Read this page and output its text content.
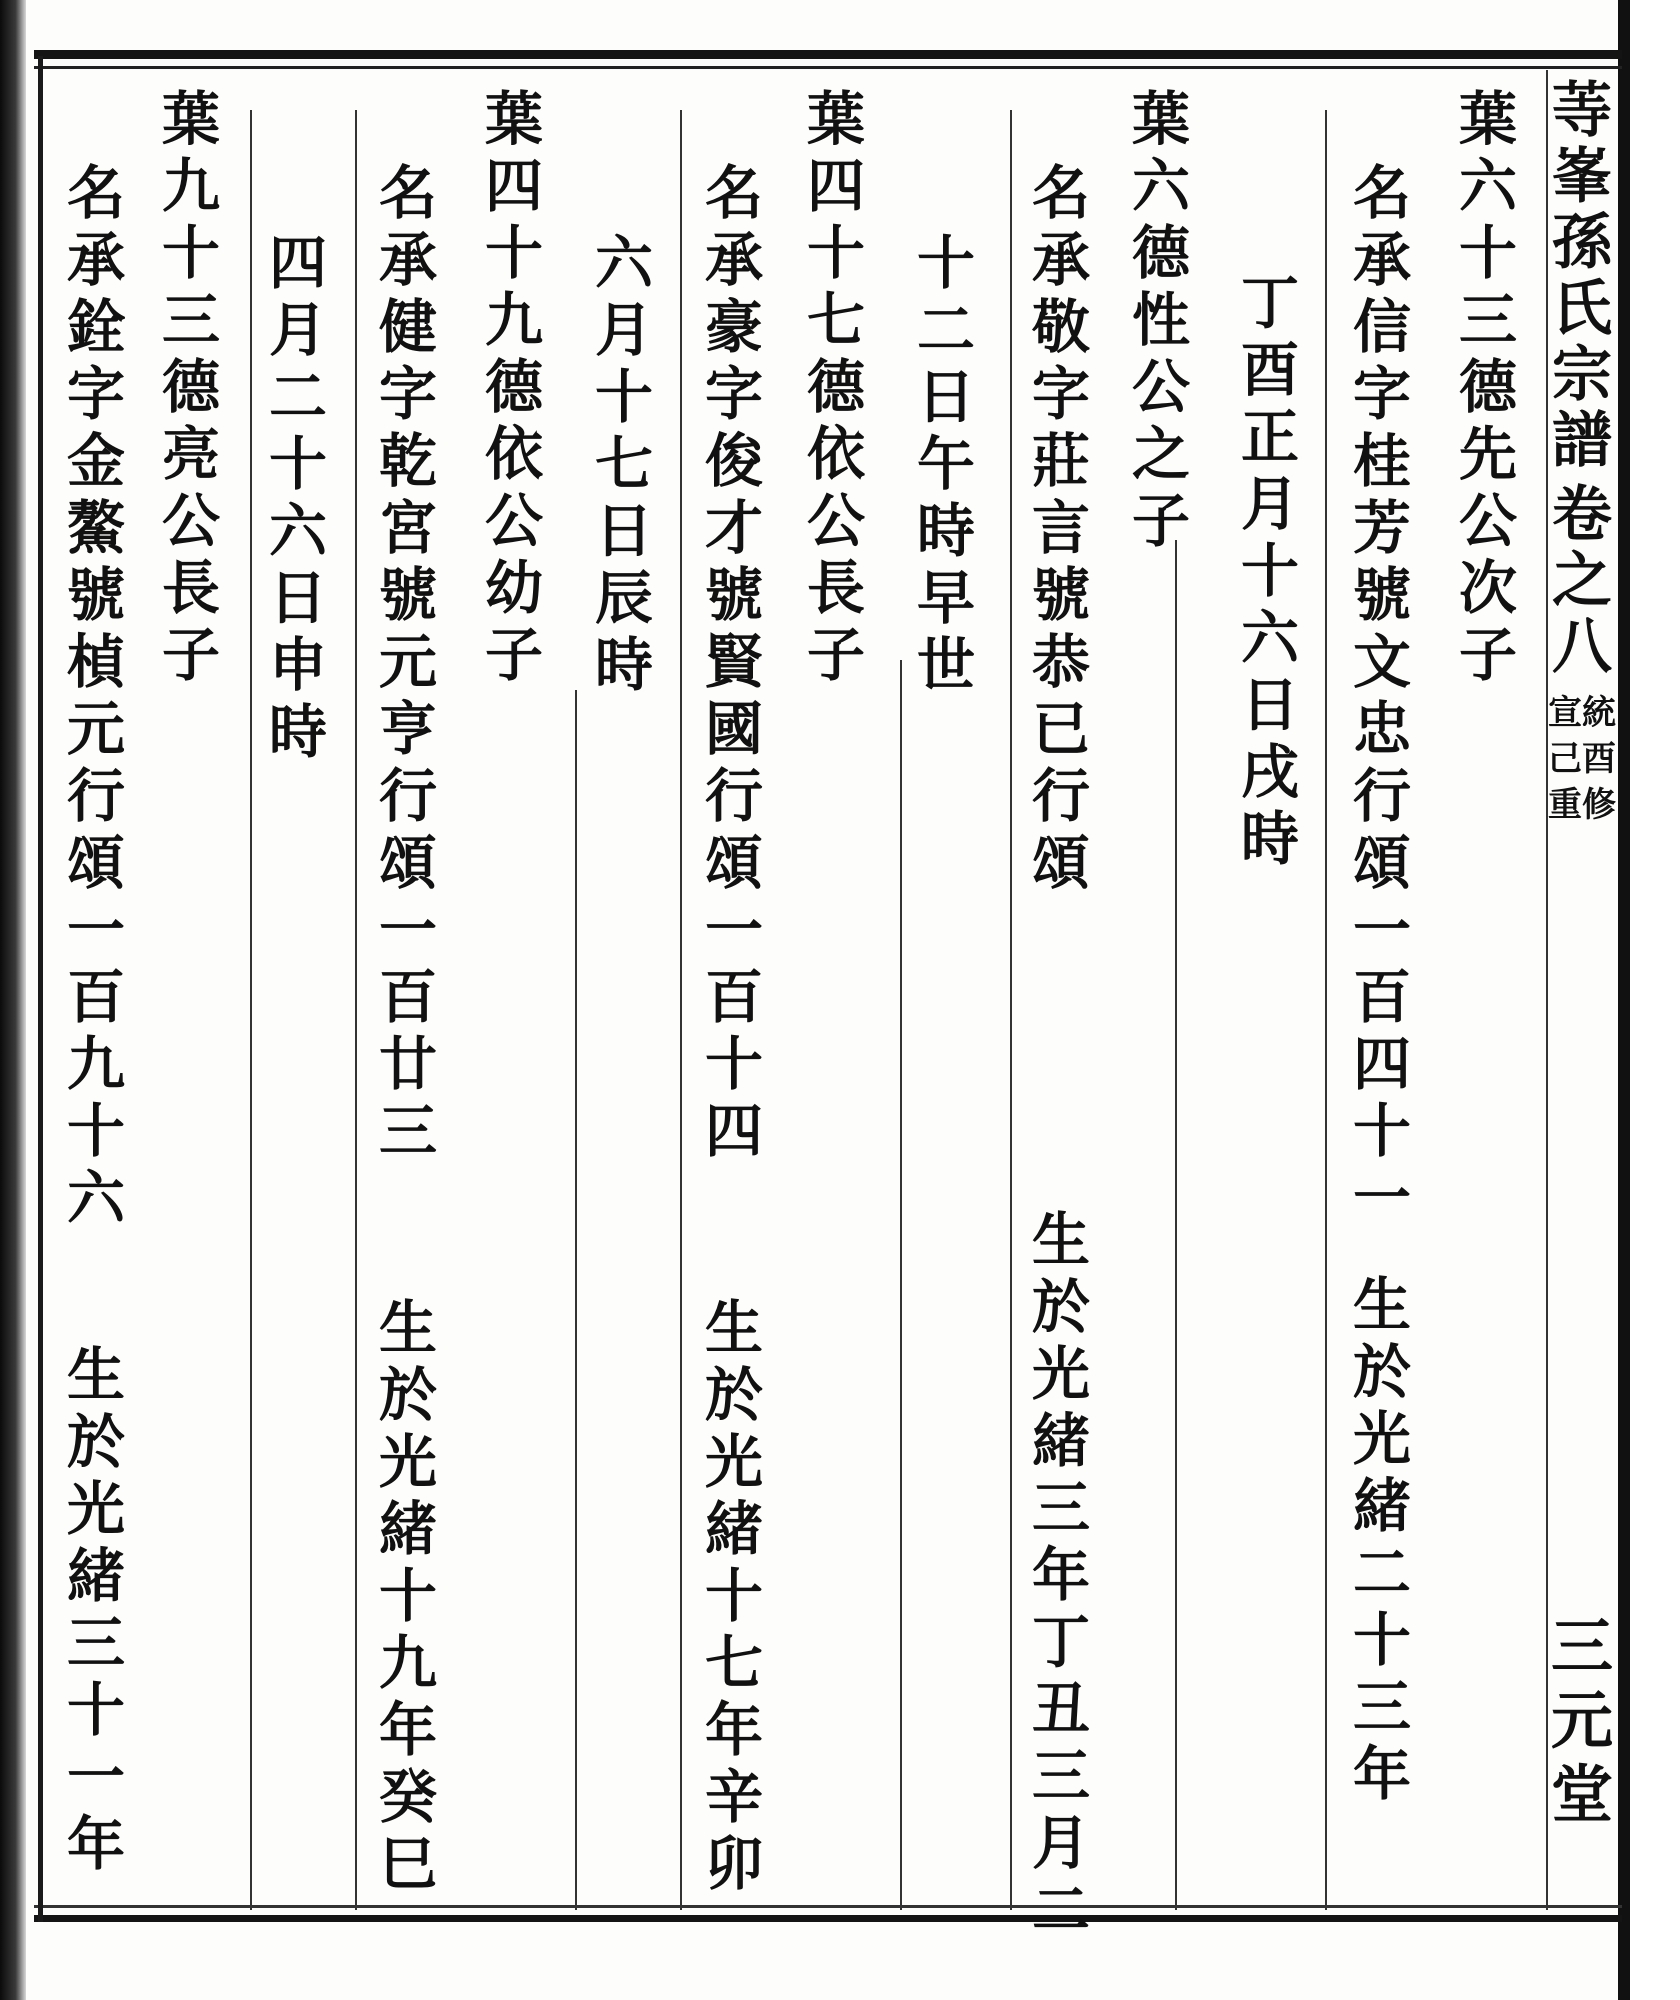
䓁峯孫氏宗譜
卷之八
宣統己酉重修
三元堂
葉六十三德先公次子
名承信字桂芳號文忠行頌一百四十一
生於光緒二十三年
丁酉正月十六日戌時
葉六德性公之子
名承敬字莊言號恭已行頌
生於光緒三年丁丑三月二
十二日午時早世
葉四十七德依公長子
名承豪字俊才號賢國行頌一百十四
生於光緒十七年辛卯
六月十七日辰時
葉四十九德依公幼子
名承健字乾宮號元亨行頌一百廿三
生於光緒十九年癸巳
四月二十六日申時
葉九十三德亮公長子
名承銓字金鰲號楨元行頌一百九十六
生於光緒三十一年
